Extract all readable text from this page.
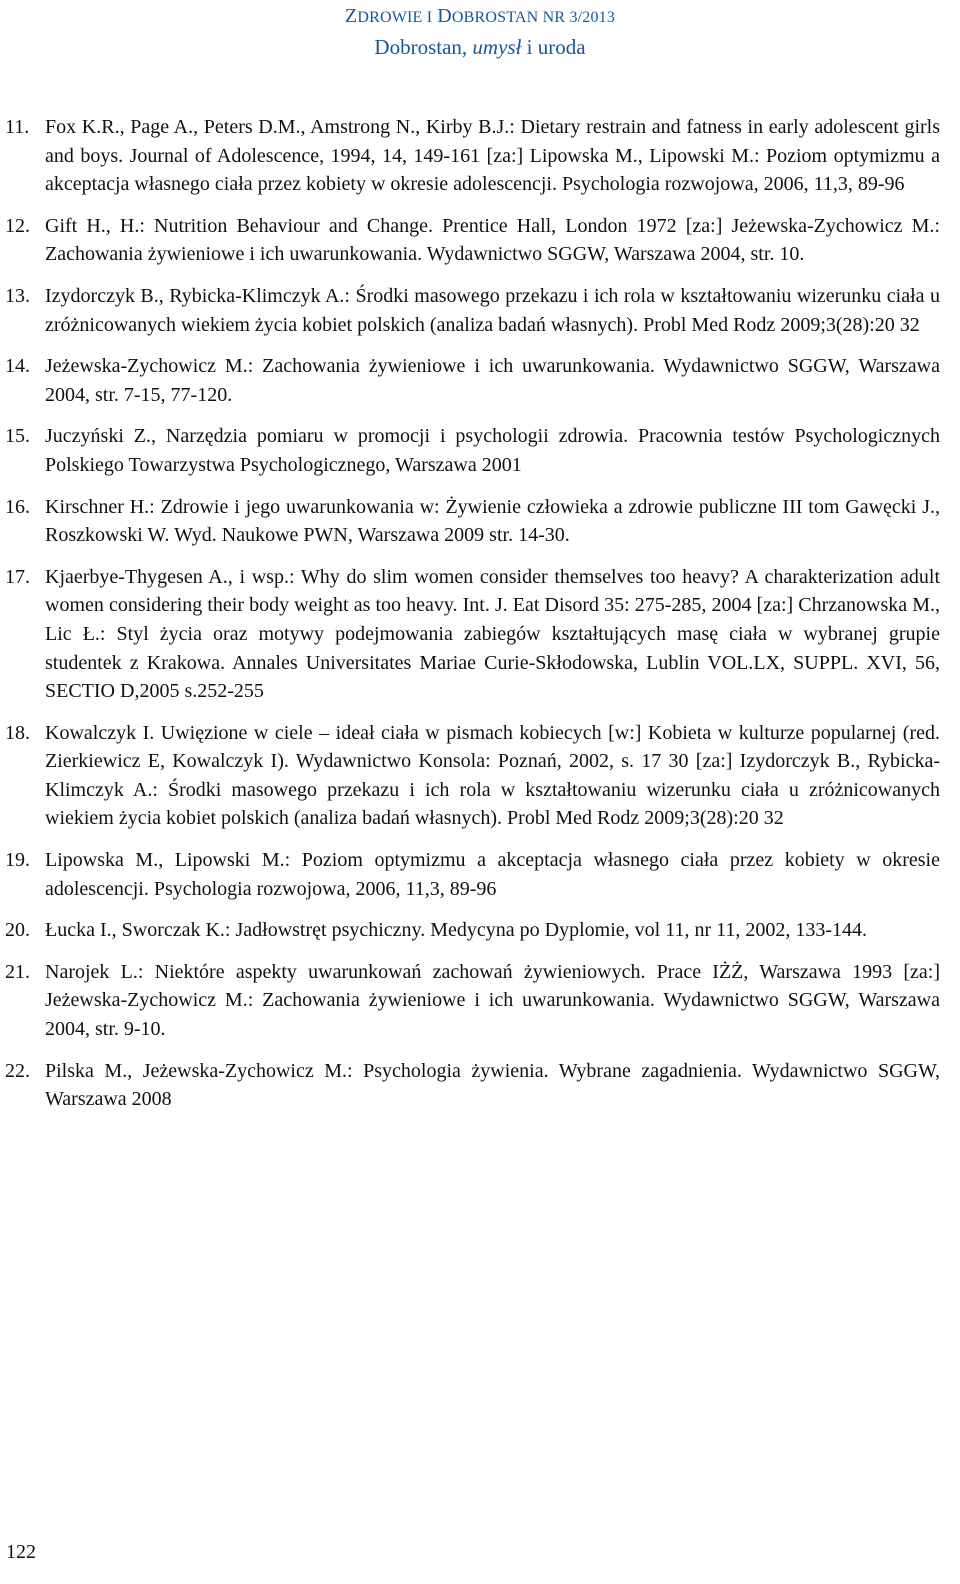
ZDROWIE I DOBROSTAN NR 3/2013
Dobrostan, umysł i uroda
11. Fox K.R., Page A., Peters D.M., Amstrong N., Kirby B.J.: Dietary restrain and fatness in early adolescent girls and boys. Journal of Adolescence, 1994, 14, 149-161 [za:] Lipowska M., Lipowski M.: Poziom optymizmu a akceptacja własnego ciała przez kobiety w okresie adolescencji. Psychologia rozwojowa, 2006, 11,3, 89-96
12. Gift H., H.: Nutrition Behaviour and Change. Prentice Hall, London 1972 [za:] Jeżewska-Zychowicz M.: Zachowania żywieniowe i ich uwarunkowania. Wydawnictwo SGGW, Warszawa 2004, str. 10.
13. Izydorczyk B., Rybicka-Klimczyk A.: Środki masowego przekazu i ich rola w kształtowaniu wizerunku ciała u zróżnicowanych wiekiem życia kobiet polskich (analiza badań własnych). Probl Med Rodz 2009;3(28):20 32
14. Jeżewska-Zychowicz M.: Zachowania żywieniowe i ich uwarunkowania. Wydawnictwo SGGW, Warszawa 2004, str. 7-15, 77-120.
15. Juczyński Z., Narzędzia pomiaru w promocji i psychologii zdrowia. Pracownia testów Psychologicznych Polskiego Towarzystwa Psychologicznego, Warszawa 2001
16. Kirschner H.: Zdrowie i jego uwarunkowania w: Żywienie człowieka a zdrowie publiczne III tom Gawęcki J., Roszkowski W. Wyd. Naukowe PWN, Warszawa 2009 str. 14-30.
17. Kjaerbye-Thygesen A., i wsp.: Why do slim women consider themselves too heavy? A charakterization adult women considering their body weight as too heavy. Int. J. Eat Disord 35: 275-285, 2004 [za:] Chrzanowska M., Lic Ł.: Styl życia oraz motywy podejmowania zabiegów kształtujących masę ciała w wybranej grupie studentek z Krakowa. Annales Universitates Mariae Curie-Skłodowska, Lublin VOL.LX, SUPPL. XVI, 56, SECTIO D,2005 s.252-255
18. Kowalczyk I. Uwięzione w ciele – ideał ciała w pismach kobiecych [w:] Kobieta w kulturze popularnej (red. Zierkiewicz E, Kowalczyk I). Wydawnictwo Konsola: Poznań, 2002, s. 17 30 [za:] Izydorczyk B., Rybicka-Klimczyk A.: Środki masowego przekazu i ich rola w kształtowaniu wizerunku ciała u zróżnicowanych wiekiem życia kobiet polskich (analiza badań własnych). Probl Med Rodz 2009;3(28):20 32
19. Lipowska M., Lipowski M.: Poziom optymizmu a akceptacja własnego ciała przez kobiety w okresie adolescencji. Psychologia rozwojowa, 2006, 11,3, 89-96
20. Łucka I., Sworczak K.: Jadłowstręt psychiczny. Medycyna po Dyplomie, vol 11, nr 11, 2002, 133-144.
21. Narojek L.: Niektóre aspekty uwarunkowań zachowań żywieniowych. Prace IŻŻ, Warszawa 1993 [za:] Jeżewska-Zychowicz M.: Zachowania żywieniowe i ich uwarunkowania. Wydawnictwo SGGW, Warszawa 2004, str. 9-10.
22. Pilska M., Jeżewska-Zychowicz M.: Psychologia żywienia. Wybrane zagadnienia. Wydawnictwo SGGW, Warszawa 2008
122
